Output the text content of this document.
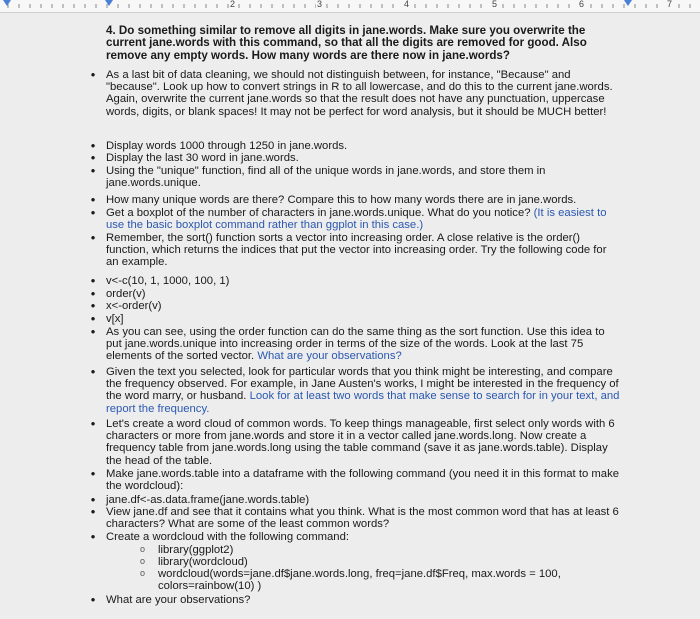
2	3	4	5	6	7
4. Do something similar to remove all digits in jane.words. Make sure you overwrite the current jane.words with this command, so that all the digits are removed for good. Also remove any empty words. How many words are there now in jane.words?
• As a last bit of data cleaning, we should not distinguish between, for instance, "Because" and "because". Look up how to convert strings in R to all lowercase, and do this to the current jane.words. Again, overwrite the current jane.words so that the result does not have any punctuation, uppercase words, digits, or blank spaces! It may not be perfect for word analysis, but it should be MUCH better!
• Display words 1000 through 1250 in jane.words.
• Display the last 30 word in jane.words.
• Using the "unique" function, find all of the unique words in jane.words, and store them in jane.words.unique.
• How many unique words are there? Compare this to how many words there are in jane.words.
• Get a boxplot of the number of characters in jane.words.unique. What do you notice? (It is easiest to use the basic boxplot command rather than ggplot in this case.)
• Remember, the sort() function sorts a vector into increasing order. A close relative is the order() function, which returns the indices that put the vector into increasing order. Try the following code for an example.
• v<-c(10, 1, 1000, 100, 1)
• order(v)
• x<-order(v)
• v[x]
• As you can see, using the order function can do the same thing as the sort function. Use this idea to put jane.words.unique into increasing order in terms of the size of the words. Look at the last 75 elements of the sorted vector. What are your observations?
• Given the text you selected, look for particular words that you think might be interesting, and compare the frequency observed. For example, in Jane Austen's works, I might be interested in the frequency of the word marry, or husband. Look for at least two words that make sense to search for in your text, and report the frequency.
• Let's create a word cloud of common words. To keep things manageable, first select only words with 6 characters or more from jane.words and store it in a vector called jane.words.long. Now create a frequency table from jane.words.long using the table command (save it as jane.words.table). Display the head of the table.
• Make jane.words.table into a dataframe with the following command (you need it in this format to make the wordcloud):
• jane.df<-as.data.frame(jane.words.table)
• View jane.df and see that it contains what you think. What is the most common word that has at least 6 characters? What are some of the least common words?
• Create a wordcloud with the following command:
o library(ggplot2)
o library(wordcloud)
o wordcloud(words=jane.df$jane.words.long, freq=jane.df$Freq, max.words = 100, colors=rainbow(10) )
• What are your observations?
